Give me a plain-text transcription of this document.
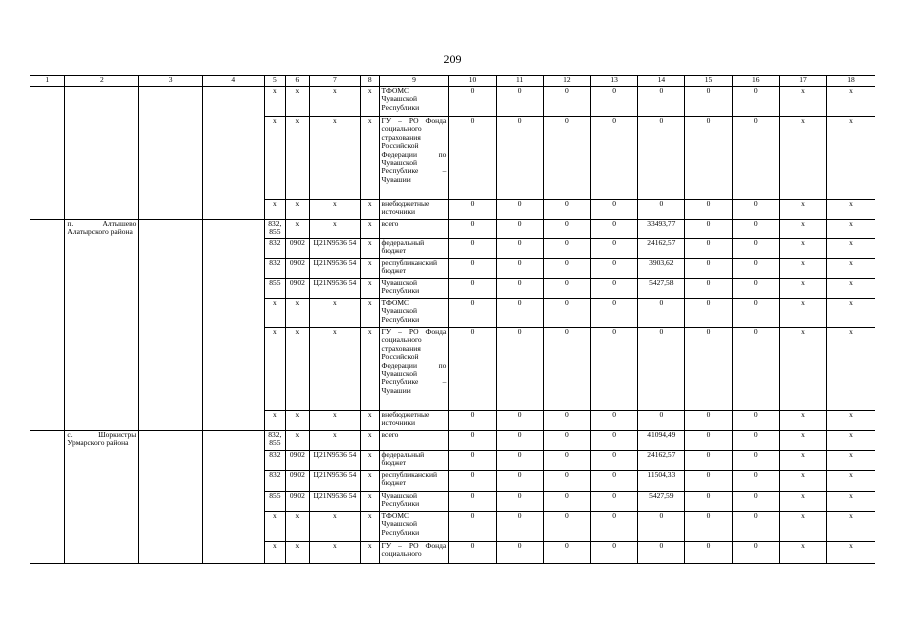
209
1	2	3	4	5	6	7	8	9	10	11	12	13	14	15	16	17	18
				x	x	x	x	ТФОМС Чувашской Республики	0	0	0	0	0	0	0	x	x
				x	x	x	x	ГУ – РО Фонда социального страхования Российской Федерации по Чувашской Республике – Чувашии	0	0	0	0	0	0	0	x	x
				x	x	x	x	внебюджетные источники	0	0	0	0	0	0	0	x	x
	п. Алтышево Алатырского района			832, 855	x	x	x	всего	0	0	0	0	33493,77	0	0	x	x
				832	0902	Ц21N9536 54	x	федеральный бюджет	0	0	0	0	24162,57	0	0	x	x
				832	0902	Ц21N9536 54	x	республиканский бюджет	0	0	0	0	3903,62	0	0	x	x
				855	0902	Ц21N9536 54	x	Чувашской Республики	0	0	0	0	5427,58	0	0	x	x
				x	x	x	x	ТФОМС Чувашской Республики	0	0	0	0	0	0	0	x	x
				x	x	x	x	ГУ – РО Фонда социального страхования Российской Федерации по Чувашской Республике – Чувашии	0	0	0	0	0	0	0	x	x
				x	x	x	x	внебюджетные источники	0	0	0	0	0	0	0	x	x
	с. Шоркистры Урмарского района			832, 855	x	x	x	всего	0	0	0	0	41094,49	0	0	x	x
				832	0902	Ц21N9536 54	x	федеральный бюджет	0	0	0	0	24162,57	0	0	x	x
				832	0902	Ц21N9536 54	x	республиканский бюджет	0	0	0	0	11504,33	0	0	x	x
				855	0902	Ц21N9536 54	x	Чувашской Республики	0	0	0	0	5427,59	0	0	x	x
				x	x	x	x	ТФОМС Чувашской Республики	0	0	0	0	0	0	0	x	x
				x	x	x	x	ГУ – РО Фонда социального	0	0	0	0	0	0	0	x	x
